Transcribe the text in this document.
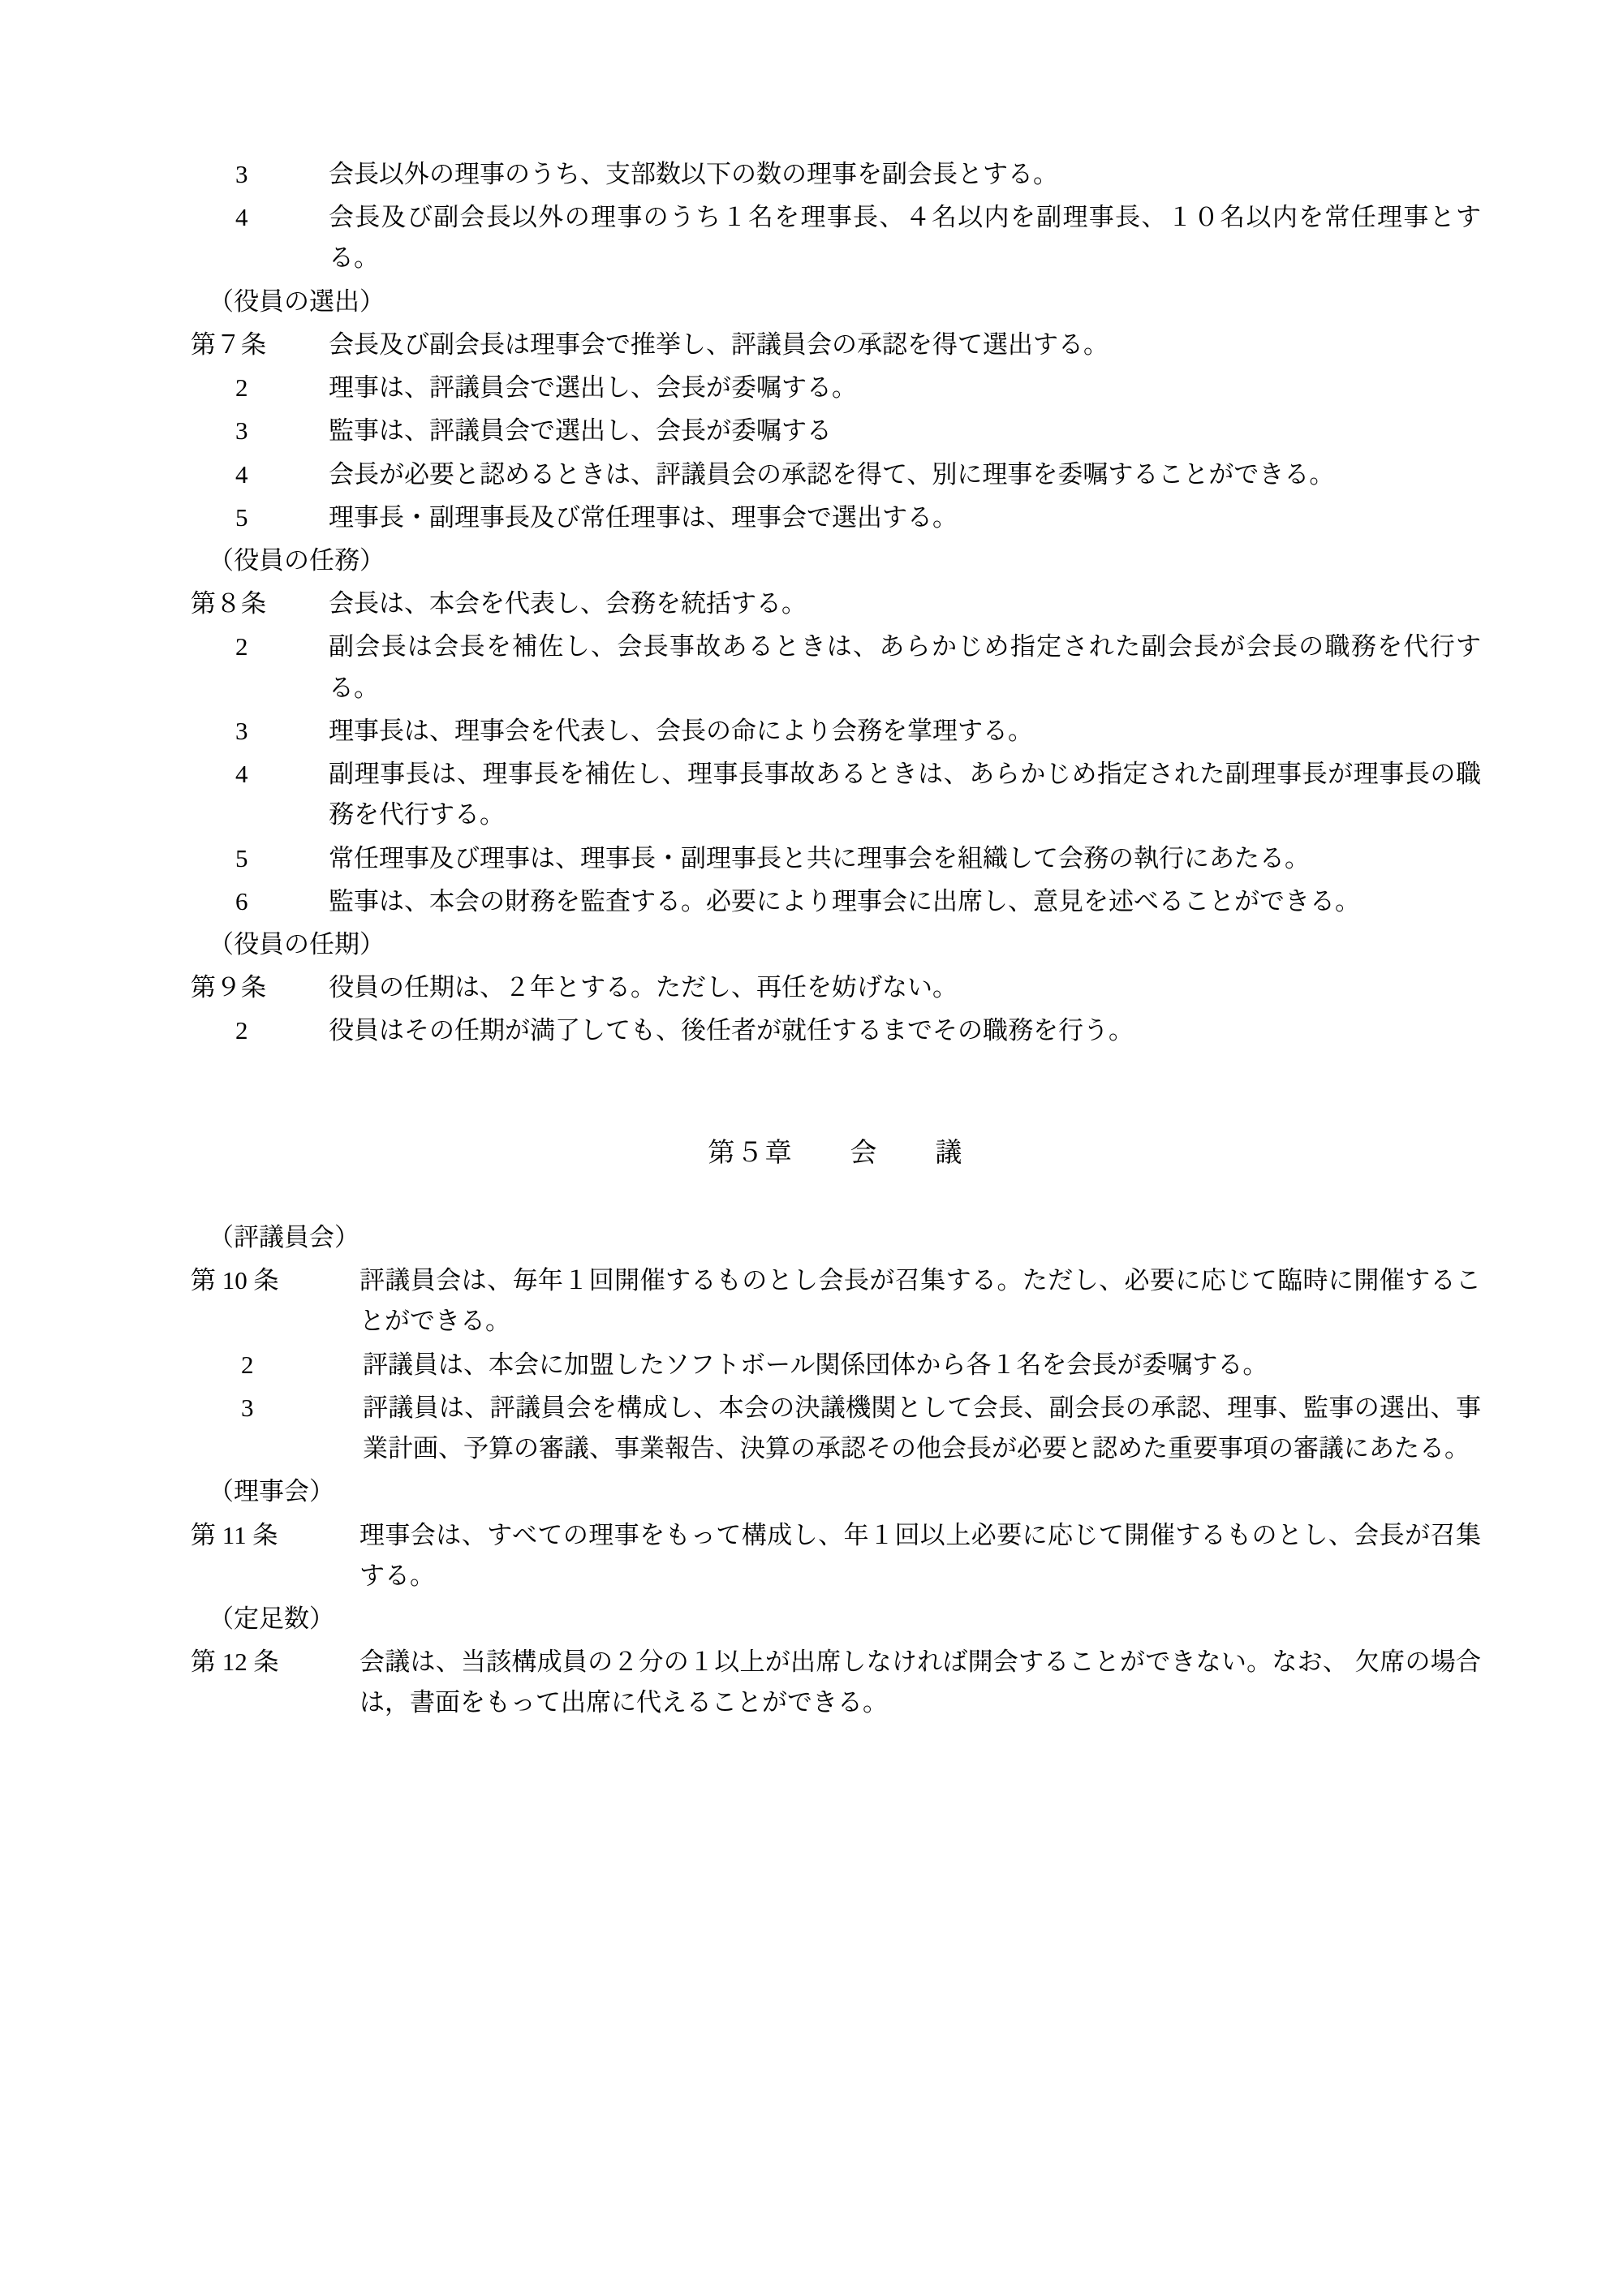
3	会長以外の理事のうち、支部数以下の数の理事を副会長とする。
4	会長及び副会長以外の理事のうち１名を理事長、４名以内を副理事長、１０名以内を常任理事とする。
（役員の選出）
第７条	会長及び副会長は理事会で推挙し、評議員会の承認を得て選出する。
2	理事は、評議員会で選出し、会長が委嘱する。
3	監事は、評議員会で選出し、会長が委嘱する
4	会長が必要と認めるときは、評議員会の承認を得て、別に理事を委嘱することができる。
5	理事長・副理事長及び常任理事は、理事会で選出する。
（役員の任務）
第８条	会長は、本会を代表し、会務を統括する。
2	副会長は会長を補佐し、会長事故あるときは、あらかじめ指定された副会長が会長の職務を代行する。
3	理事長は、理事会を代表し、会長の命により会務を掌理する。
4	副理事長は、理事長を補佐し、理事長事故あるときは、あらかじめ指定された副理事長が理事長の職務を代行する。
5	常任理事及び理事は、理事長・副理事長と共に理事会を組織して会務の執行にあたる。
6	監事は、本会の財務を監査する。必要により理事会に出席し、意見を述べることができる。
（役員の任期）
第９条	役員の任期は、２年とする。ただし、再任を妨げない。
2	役員はその任期が満了しても、後任者が就任するまでその職務を行う。
第５章　　会　　議
（評議員会）
第 10 条	評議員会は、毎年１回開催するものとし会長が召集する。ただし、必要に応じて臨時に開催することができる。
2	評議員は、本会に加盟したソフトボール関係団体から各１名を会長が委嘱する。
3	評議員は、評議員会を構成し、本会の決議機関として会長、副会長の承認、理事、監事の選出、事業計画、予算の審議、事業報告、決算の承認その他会長が必要と認めた重要事項の審議にあたる。
（理事会）
第 11 条	理事会は、すべての理事をもって構成し、年１回以上必要に応じて開催するものとし、会長が召集する。
（定足数）
第 12 条	会議は、当該構成員の２分の１以上が出席しなければ開会することができない。なお、 欠席の場合は，書面をもって出席に代えることができる。
